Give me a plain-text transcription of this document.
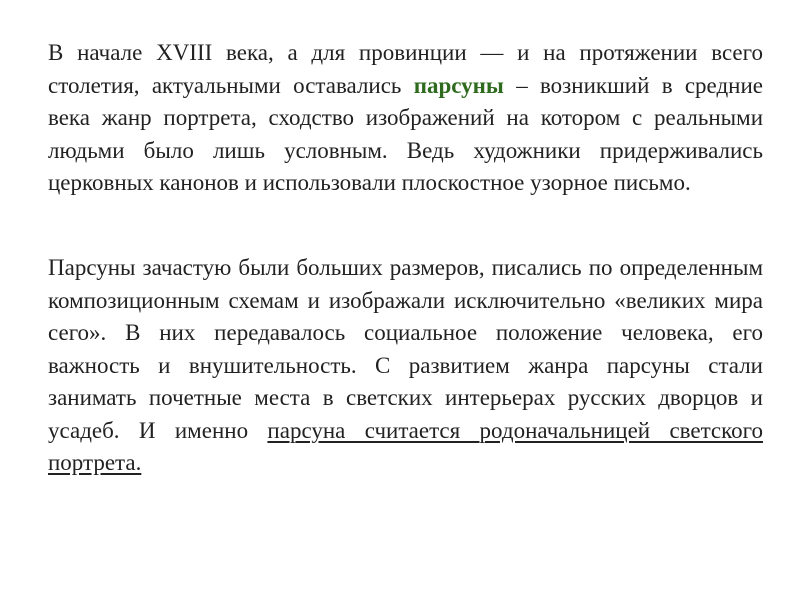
В начале XVIII века, а для провинции — и на протяжении всего столетия, актуальными оставались парсуны – возникший в средние века жанр портрета, сходство изображений на котором с реальными людьми было лишь условным. Ведь художники придерживались церковных канонов и использовали плоскостное узорное письмо.

Парсуны зачастую были больших размеров, писались по определенным композиционным схемам и изображали исключительно «великих мира сего». В них передавалось социальное положение человека, его важность и внушительность. С развитием жанра парсуны стали занимать почетные места в светских интерьерах русских дворцов и усадеб. И именно парсуна считается родоначальницей светского портрета.
